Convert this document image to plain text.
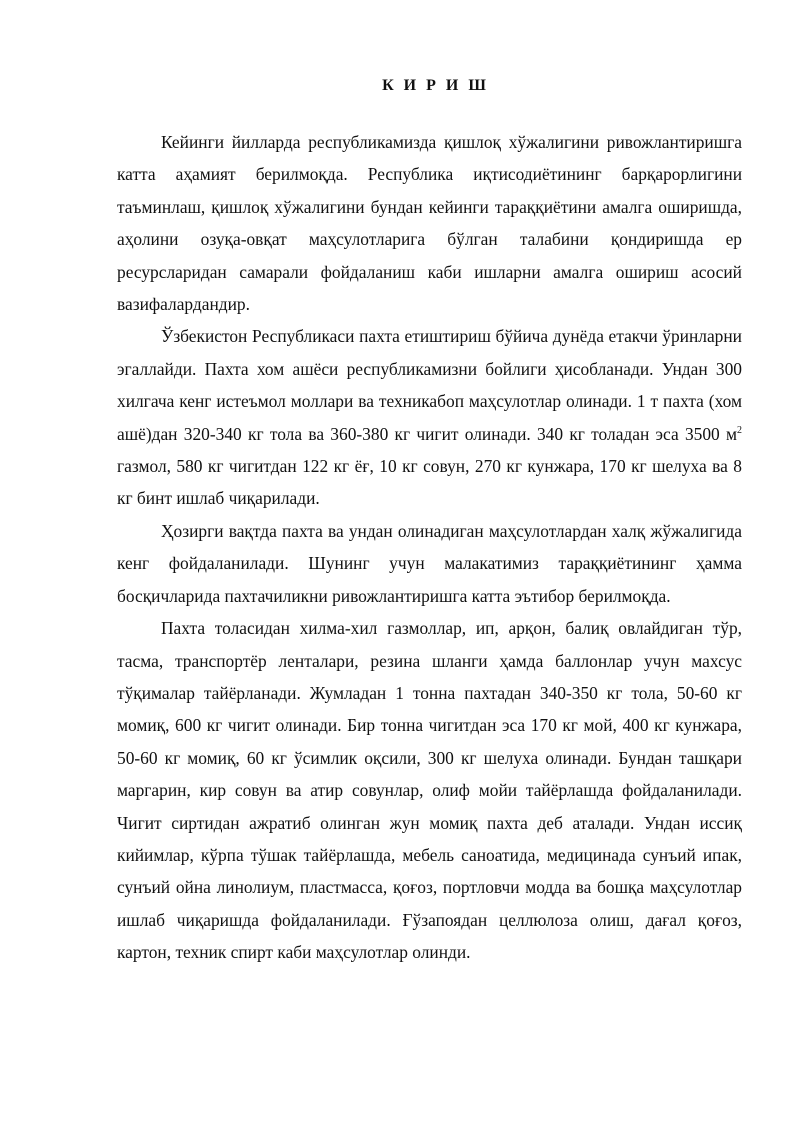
К И Р И Ш

Кейинги йилларда республикамизда қишлоқ хўжалигини ривожлантиришга катта аҳамият берилмоқда. Республика иқтисодиётининг барқарорлигини таъминлаш, қишлоқ хўжалигини бундан кейинги тараққиётини амалга оширишда, аҳолини озуқа-овқат маҳсулотларига бўлган талабини қондиришда ер ресурсларидан самарали фойдаланиш каби ишларни амалга ошириш асосий вазифалардандир.

Ўзбекистон Республикаси пахта етиштириш бўйича дунёда етакчи ўринларни эгаллайди. Пахта хом ашёси республикамизни бойлиги ҳисобланади. Ундан 300 хилгача кенг истеъмол моллари ва техникабоп маҳсулотлар олинади. 1 т пахта (хом ашё)дан 320-340 кг тола ва 360-380 кг чигит олинади. 340 кг толадан эса 3500 $м^2$ газмол, 580 кг чигитдан 122 кг ёғ, 10 кг совун, 270 кг кунжара, 170 кг шелуха ва 8 кг бинт ишлаб чиқарилади.

Ҳозирги вақтда пахта ва ундан олинадиган маҳсулотлардан халқ жўжалигида кенг фойдаланилади. Шунинг учун малакатимиз тараққиётининг ҳамма босқичларида пахтачиликни ривожлантиришга катта эътибор берилмоқда.

Пахта толасидан хилма-хил газмоллар, ип, арқон, балиқ овлайдиган тўр, тасма, транспортёр ленталари, резина шланги ҳамда баллонлар учун махсус тўқималар тайёрланади. Жумладан 1 тонна пахтадан 340-350 кг тола, 50-60 кг момиқ, 600 кг чигит олинади. Бир тонна чигитдан эса 170 кг мой, 400 кг кунжара, 50-60 кг момиқ, 60 кг ўсимлик оқсили, 300 кг шелуха олинади. Бундан ташқари маргарин, кир совун ва атир совунлар, олиф мойи тайёрлашда фойдаланилади. Чигит сиртидан ажратиб олинган жун момиқ пахта деб аталади. Ундан иссиқ кийимлар, кўрпа тўшак тайёрлашда, мебель саноатида, медицинада сунъий ипак, сунъий ойна линолиум, пластмасса, қоғоз, портловчи модда ва бошқа маҳсулотлар ишлаб чиқаришда фойдаланилади. Ғўзапоядан целлюлоза олиш, дағал қоғоз, картон, техник спирт каби маҳсулотлар олинди.
